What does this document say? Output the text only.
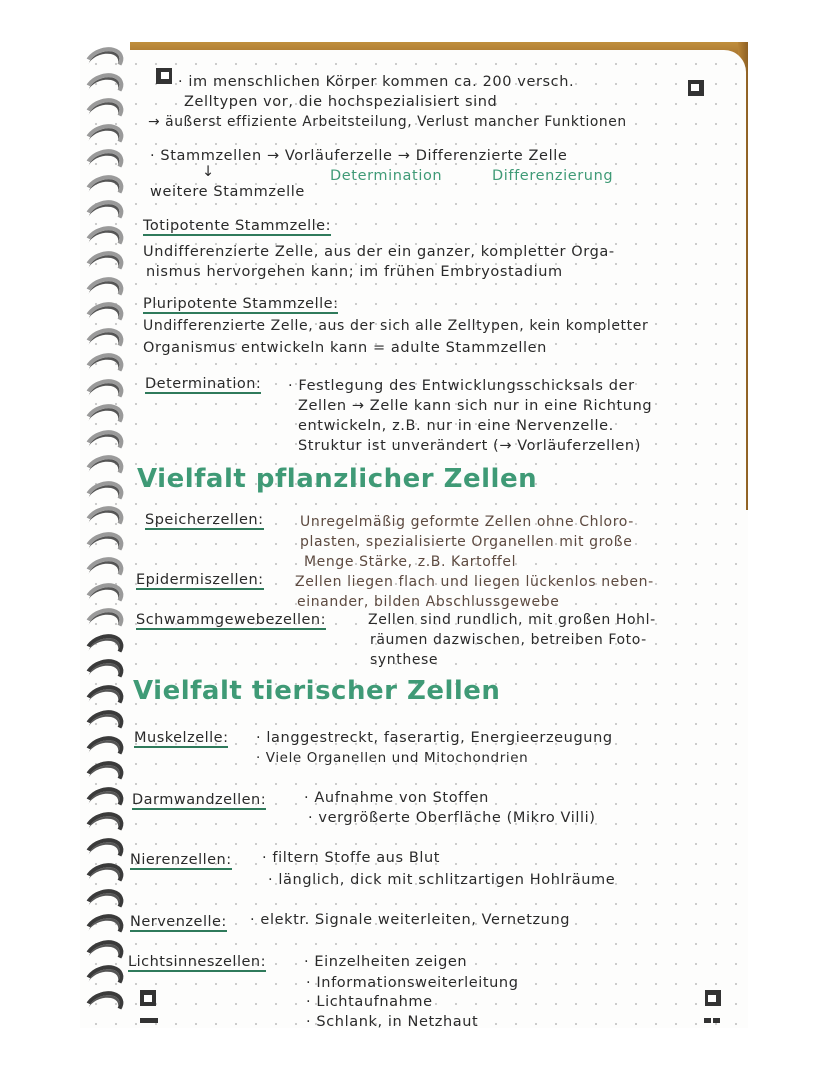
· im menschlichen Körper kommen ca. 200 versch.
Zelltypen vor, die hochspezialisiert sind
→ äußerst effiziente Arbeitsteilung, Verlust mancher Funktionen
· Stammzellen → Vorläuferzelle → Differenzierte Zelle
↓	Determination	Differenzierung
weitere Stammzelle
Totipotente Stammzelle:
Undifferenzierte Zelle, aus der ein ganzer, kompletter Orga-
nismus hervorgehen kann; im frühen Embryostadium
Pluripotente Stammzelle:
Undifferenzierte Zelle, aus der sich alle Zelltypen, kein kompletter
Organismus entwickeln kann = adulte Stammzellen
Determination: · Festlegung des Entwicklungsschicksals der
Zellen → Zelle kann sich nur in eine Richtung
entwickeln, z.B. nur in eine Nervenzelle.
Struktur ist unverändert (→ Vorläuferzellen)
Vielfalt pflanzlicher Zellen
Speicherzellen:	Unregelmäßig geformte Zellen ohne Chloro-
plasten, spezialisierte Organellen mit große
Menge Stärke, z.B. Kartoffel
Epidermiszellen: Zellen liegen flach und liegen lückenlos neben-
einander, bilden Abschlussgewebe
Schwammgewebezellen:	Zellen sind rundlich, mit großen Hohl-
räumen dazwischen, betreiben Foto-
synthese
Vielfalt tierischer Zellen
Muskelzelle: · langgestreckt, faserartig, Energieerzeugung
· Viele Organellen und Mitochondrien
Darmwandzellen:	· Aufnahme von Stoffen
· vergrößerte Oberfläche (Mikro Villi)
Nierenzellen: · filtern Stoffe aus Blut
· länglich, dick mit schlitzartigen Hohlräume
Nervenzelle: · elektr. Signale weiterleiten, Vernetzung
Lichtsinneszellen:	· Einzelheiten zeigen
· Informationsweiterleitung
· Lichtaufnahme
· Schlank, in Netzhaut
